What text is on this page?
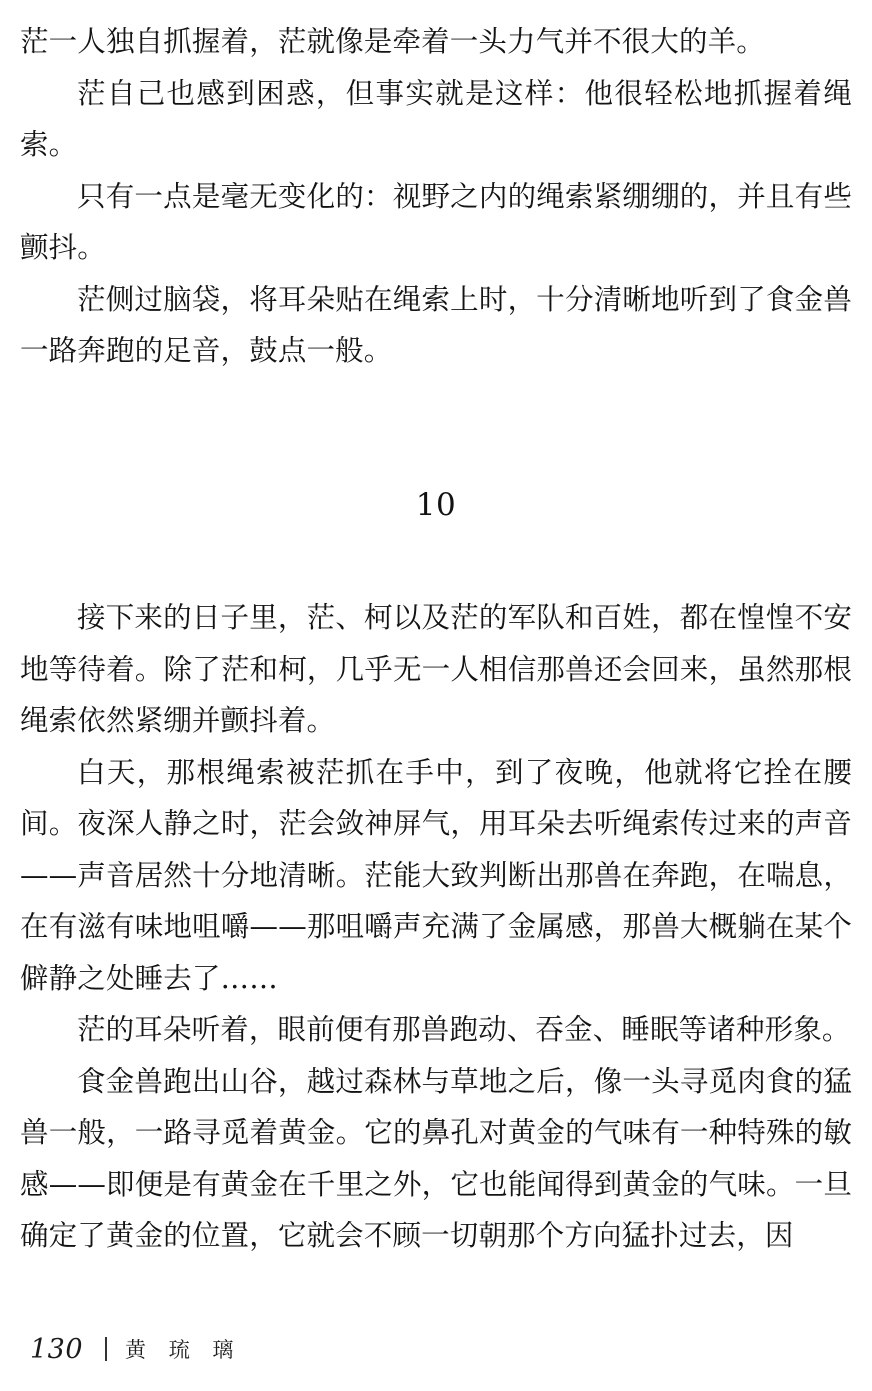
茫一人独自抓握着，茫就像是牵着一头力气并不很大的羊。

茫自己也感到困惑，但事实就是这样：他很轻松地抓握着绳索。

只有一点是毫无变化的：视野之内的绳索紧绷绷的，并且有些颤抖。

茫侧过脑袋，将耳朵贴在绳索上时，十分清晰地听到了食金兽一路奔跑的足音，鼓点一般。

10

接下来的日子里，茫、柯以及茫的军队和百姓，都在惶惶不安地等待着。除了茫和柯，几乎无一人相信那兽还会回来，虽然那根绳索依然紧绷并颤抖着。

白天，那根绳索被茫抓在手中，到了夜晚，他就将它拴在腰间。夜深人静之时，茫会敛神屏气，用耳朵去听绳索传过来的声音——声音居然十分地清晰。茫能大致判断出那兽在奔跑，在喘息，在有滋有味地咀嚼——那咀嚼声充满了金属感，那兽大概躺在某个僻静之处睡去了……

茫的耳朵听着，眼前便有那兽跑动、吞金、睡眠等诸种形象。

食金兽跑出山谷，越过森林与草地之后，像一头寻觅肉食的猛兽一般，一路寻觅着黄金。它的鼻孔对黄金的气味有一种特殊的敏感——即便是有黄金在千里之外，它也能闻得到黄金的气味。一旦确定了黄金的位置，它就会不顾一切朝那个方向猛扑过去，因

130 黄 琉 璃
